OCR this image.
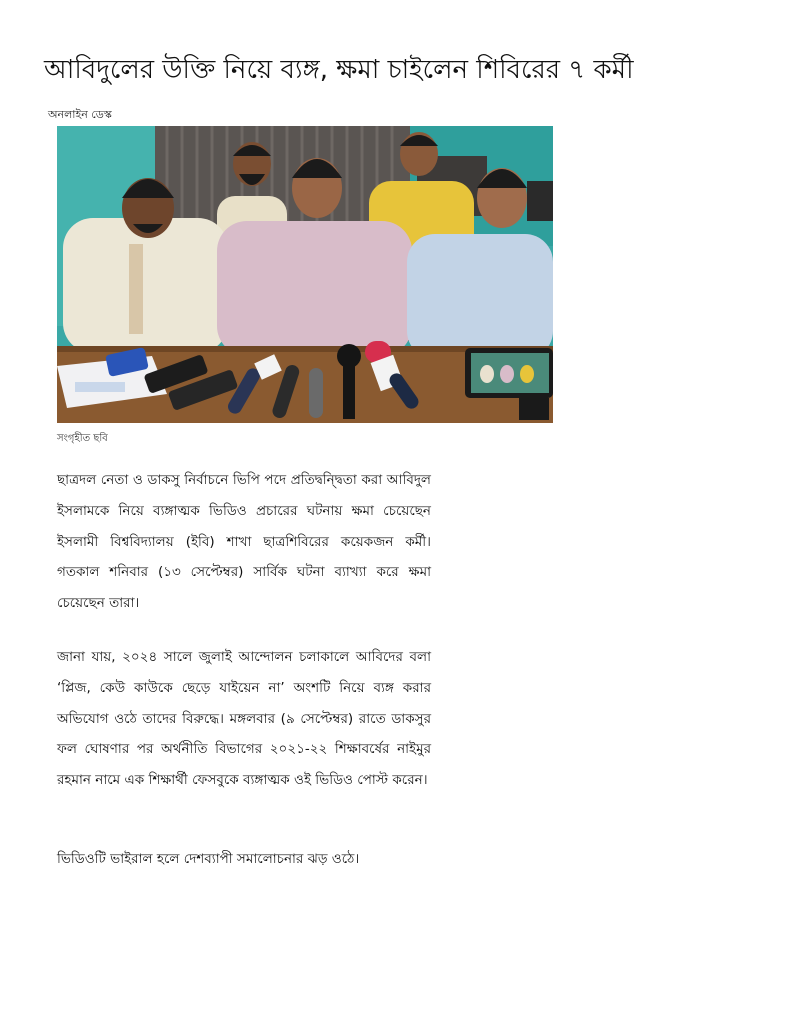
আবিদুলের উক্তি নিয়ে ব্যঙ্গ, ক্ষমা চাইলেন শিবিরের ৭ কর্মী
অনলাইন ডেস্ক
সংগৃহীত ছবি

ছাত্রদল নেতা ও ডাকসু নির্বাচনে ভিপি পদে প্রতিদ্বন্দ্বিতা করা আবিদুল ইসলামকে নিয়ে ব্যঙ্গাত্মক ভিডিও প্রচারের ঘটনায় ক্ষমা চেয়েছেন ইসলামী বিশ্ববিদ্যালয় (ইবি) শাখা ছাত্রশিবিরের কয়েকজন কর্মী। গতকাল শনিবার (১৩ সেপ্টেম্বর) সার্বিক ঘটনা ব্যাখ্যা করে ক্ষমা চেয়েছেন তারা।

জানা যায়, ২০২৪ সালে জুলাই আন্দোলন চলাকালে আবিদের বলা ‘প্লিজ, কেউ কাউকে ছেড়ে যাইয়েন না’ অংশটি নিয়ে ব্যঙ্গ করার অভিযোগ ওঠে তাদের বিরুদ্ধে। মঙ্গলবার (৯ সেপ্টেম্বর) রাতে ডাকসুর ফল ঘোষণার পর অর্থনীতি বিভাগের ২০২১-২২ শিক্ষাবর্ষের নাইমুর রহমান নামে এক শিক্ষার্থী ফেসবুকে ব্যঙ্গাত্মক ওই ভিডিও পোস্ট করেন।

ভিডিওটি ভাইরাল হলে দেশব্যাপী সমালোচনার ঝড় ওঠে।
